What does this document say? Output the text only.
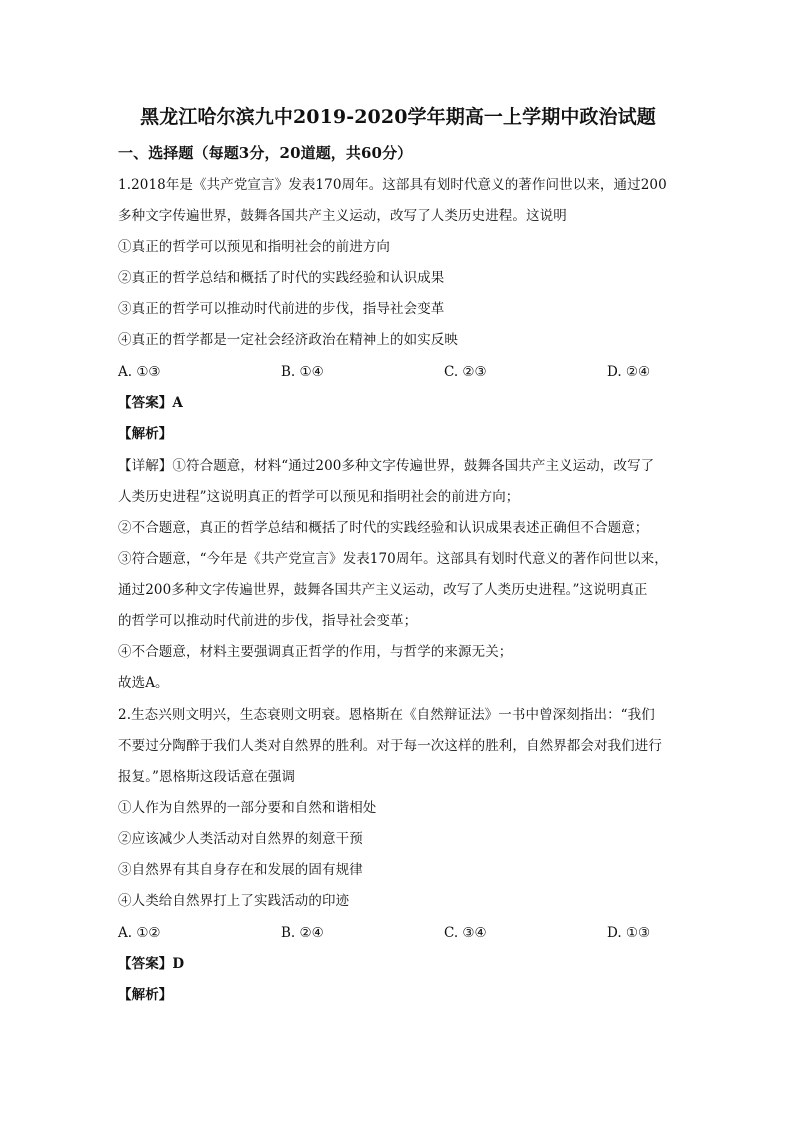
黑龙江哈尔滨九中2019-2020学年期高一上学期中政治试题
一、选择题（每题3分，20道题，共60分）
1.2018年是《共产党宣言》发表170周年。这部具有划时代意义的著作问世以来，通过200
多种文字传遍世界，鼓舞各国共产主义运动，改写了人类历史进程。这说明
①真正的哲学可以预见和指明社会的前进方向
②真正的哲学总结和概括了时代的实践经验和认识成果
③真正的哲学可以推动时代前进的步伐，指导社会变革
④真正的哲学都是一定社会经济政治在精神上的如实反映
A. ①③	B. ①④	C. ②③	D. ②④
【答案】A
【解析】
【详解】①符合题意，材料“通过200多种文字传遍世界，鼓舞各国共产主义运动，改写了
人类历史进程”这说明真正的哲学可以预见和指明社会的前进方向；
②不合题意，真正的哲学总结和概括了时代的实践经验和认识成果表述正确但不合题意；
③符合题意，“今年是《共产党宣言》发表170周年。这部具有划时代意义的著作问世以来，
通过200多种文字传遍世界，鼓舞各国共产主义运动，改写了人类历史进程。”这说明真正
的哲学可以推动时代前进的步伐，指导社会变革；
④不合题意，材料主要强调真正哲学的作用，与哲学的来源无关；
故选A。
2.生态兴则文明兴，生态衰则文明衰。恩格斯在《自然辩证法》一书中曾深刻指出：“我们
不要过分陶醉于我们人类对自然界的胜利。对于每一次这样的胜利，自然界都会对我们进行
报复。”恩格斯这段话意在强调
①人作为自然界的一部分要和自然和谐相处
②应该减少人类活动对自然界的刻意干预
③自然界有其自身存在和发展的固有规律
④人类给自然界打上了实践活动的印迹
A. ①②	B. ②④	C. ③④	D. ①③
【答案】D
【解析】
